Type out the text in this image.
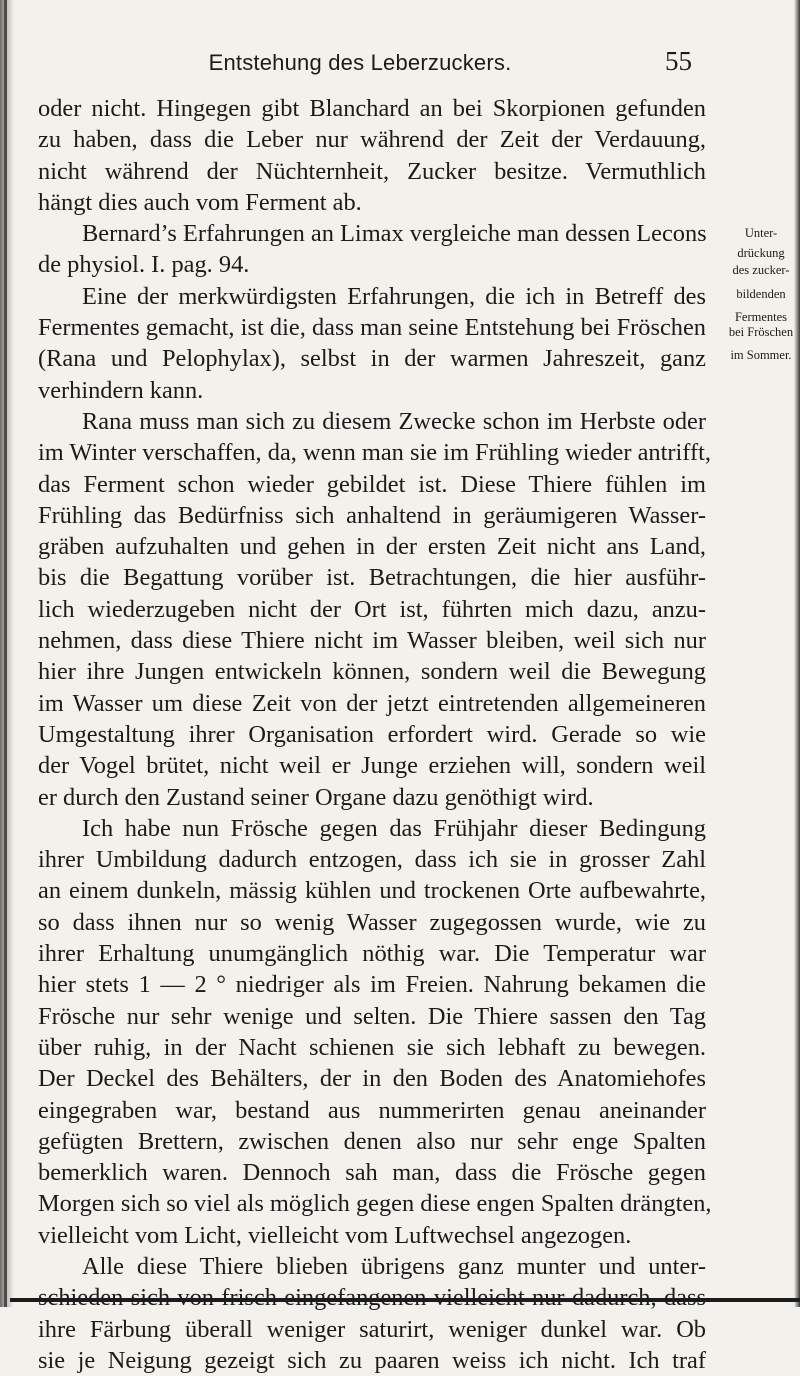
Entstehung des Leberzuckers.	55
oder nicht. Hingegen gibt Blanchard an bei Skorpionen gefunden
zu haben, dass die Leber nur während der Zeit der Verdauung,
nicht während der Nüchternheit, Zucker besitze. Vermuthlich
hängt dies auch vom Ferment ab.
Bernard’s Erfahrungen an Limax vergleiche man dessen Lecons
de physiol. I. pag. 94.
Eine der merkwürdigsten Erfahrungen, die ich in Betreff des
Fermentes gemacht, ist die, dass man seine Entstehung bei Fröschen
(Rana und Pelophylax), selbst in der warmen Jahreszeit, ganz
verhindern kann.
Rana muss man sich zu diesem Zwecke schon im Herbste oder
im Winter verschaffen, da, wenn man sie im Frühling wieder antrifft,
das Ferment schon wieder gebildet ist. Diese Thiere fühlen im
Frühling das Bedürfniss sich anhaltend in geräumigeren Wasser-
gräben aufzuhalten und gehen in der ersten Zeit nicht ans Land,
bis die Begattung vorüber ist. Betrachtungen, die hier ausführ-
lich wiederzugeben nicht der Ort ist, führten mich dazu, anzu-
nehmen, dass diese Thiere nicht im Wasser bleiben, weil sich nur
hier ihre Jungen entwickeln können, sondern weil die Bewegung
im Wasser um diese Zeit von der jetzt eintretenden allgemeineren
Umgestaltung ihrer Organisation erfordert wird. Gerade so wie
der Vogel brütet, nicht weil er Junge erziehen will, sondern weil
er durch den Zustand seiner Organe dazu genöthigt wird.
Ich habe nun Frösche gegen das Frühjahr dieser Bedingung
ihrer Umbildung dadurch entzogen, dass ich sie in grosser Zahl
an einem dunkeln, mässig kühlen und trockenen Orte aufbewahrte,
so dass ihnen nur so wenig Wasser zugegossen wurde, wie zu
ihrer Erhaltung unumgänglich nöthig war. Die Temperatur war
hier stets 1 — 2 ° niedriger als im Freien. Nahrung bekamen die
Frösche nur sehr wenige und selten. Die Thiere sassen den Tag
über ruhig, in der Nacht schienen sie sich lebhaft zu bewegen.
Der Deckel des Behälters, der in den Boden des Anatomiehofes
eingegraben war, bestand aus nummerirten genau aneinander
gefügten Brettern, zwischen denen also nur sehr enge Spalten
bemerklich waren. Dennoch sah man, dass die Frösche gegen
Morgen sich so viel als möglich gegen diese engen Spalten drängten,
vielleicht vom Licht, vielleicht vom Luftwechsel angezogen.
Alle diese Thiere blieben übrigens ganz munter und unter-
ihre Färbung überall weniger saturirt, weniger dunkel war. Ob
sie je Neigung gezeigt sich zu paaren weiss ich nicht. Ich traf
Unter-
drückung
des zucker-
bildenden
Fermentes
bei Fröschen
im Sommer.
